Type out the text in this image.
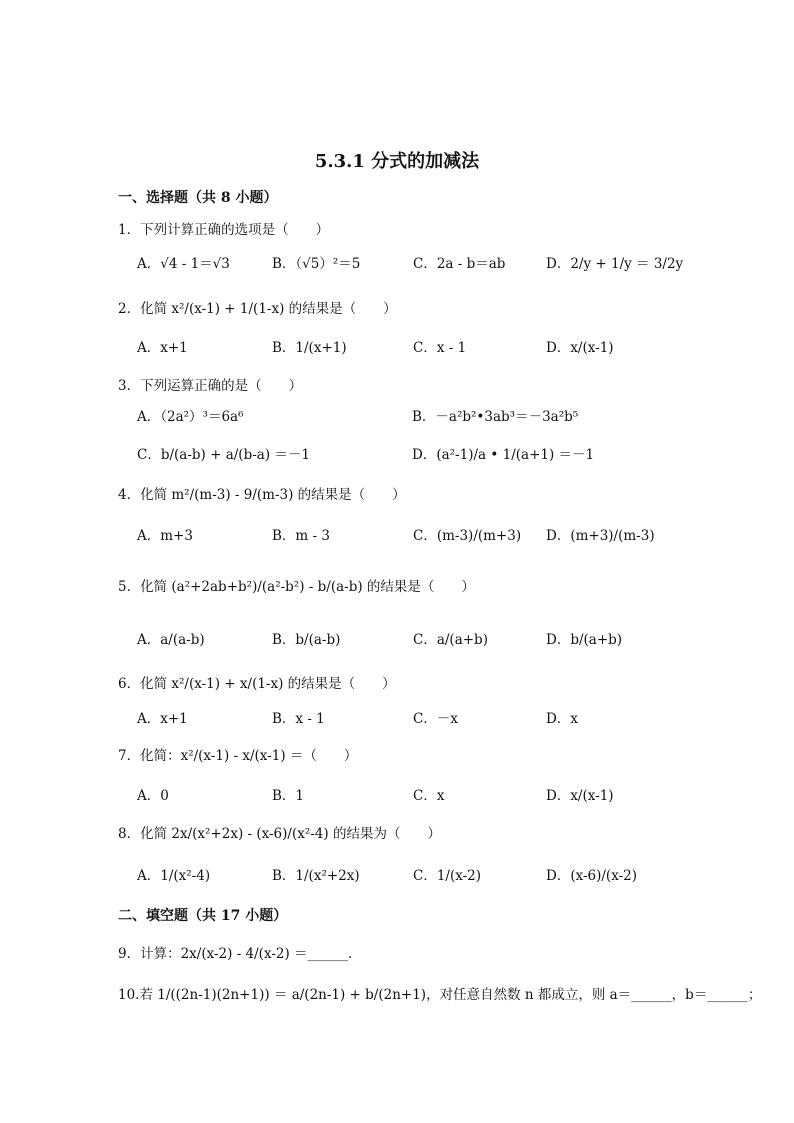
5.3.1 分式的加减法
一、选择题（共 8 小题）
1．下列计算正确的选项是（　　）
A．√4 - 1＝√3	B．（√5）²＝5	C．2a - b＝ab	D．2/y + 1/y ＝ 3/2y
2．化简 x²/(x-1) + 1/(1-x) 的结果是（　　）
A．x+1	B．1/(x+1)	C．x - 1	D．x/(x-1)
3．下列运算正确的是（　　）
A．（2a²）³＝6a⁶	B．－a²b²•3ab³＝－3a²b⁵
C．b/(a-b) + a/(b-a) ＝－1	D．(a²-1)/a • 1/(a+1) ＝－1
4．化简 m²/(m-3) - 9/(m-3) 的结果是（　　）
A．m+3	B．m - 3	C．(m-3)/(m+3) D．(m+3)/(m-3)
5．化简 (a²+2ab+b²)/(a²-b²) - b/(a-b) 的结果是（　　）
A．a/(a-b)	B．b/(a-b)	C．a/(a+b)	D．b/(a+b)
6．化简 x²/(x-1) + x/(1-x) 的结果是（　　）
A．x+1	B．x - 1	C．－x	D．x
7．化简：x²/(x-1) - x/(x-1) ＝（　　）
A．0	B．1	C．x	D．x/(x-1)
8．化简 2x/(x²+2x) - (x-6)/(x²-4) 的结果为（　　）
A．1/(x²-4)	B．1/(x²+2x)	C．1/(x-2)	D．(x-6)/(x-2)
二、填空题（共 17 小题）
9．计算：2x/(x-2) - 4/(x-2) ＝______．
10.若 1/((2n-1)(2n+1)) ＝ a/(2n-1) + b/(2n+1)，对任意自然数 n 都成立，则 a＝______，b＝______；
